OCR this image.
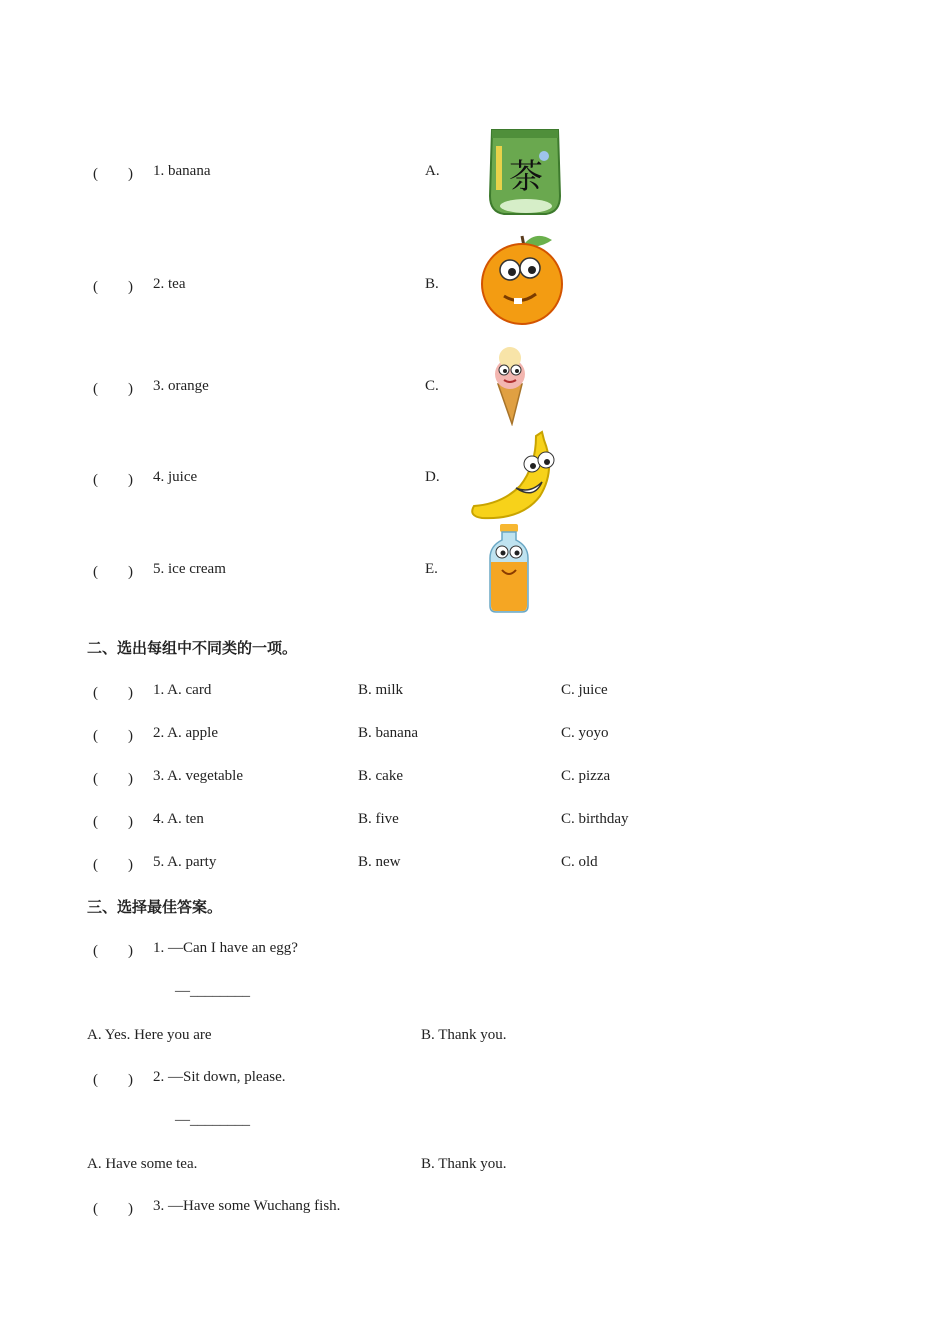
(　　) 1. banana	A. 茶
(　　) 2. tea	B.
(　　) 3. orange	C.
(　　) 4. juice	D.
(　　) 5. ice cream	E.
二、选出每组中不同类的一项。
(　　) 1. A. card	B. milk	C. juice
(　　) 2. A. apple	B. banana	C. yoyo
(　　) 3. A. vegetable	B. cake	C. pizza
(　　) 4. A. ten	B. five	C. birthday
(　　) 5. A. party	B. new	C. old
三、选择最佳答案。
(　　) 1. —Can I have an egg?
—________
A. Yes. Here you are	B. Thank you.
(　　) 2. —Sit down, please.
—________
A. Have some tea.	B. Thank you.
(　　) 3. —Have some Wuchang fish.
